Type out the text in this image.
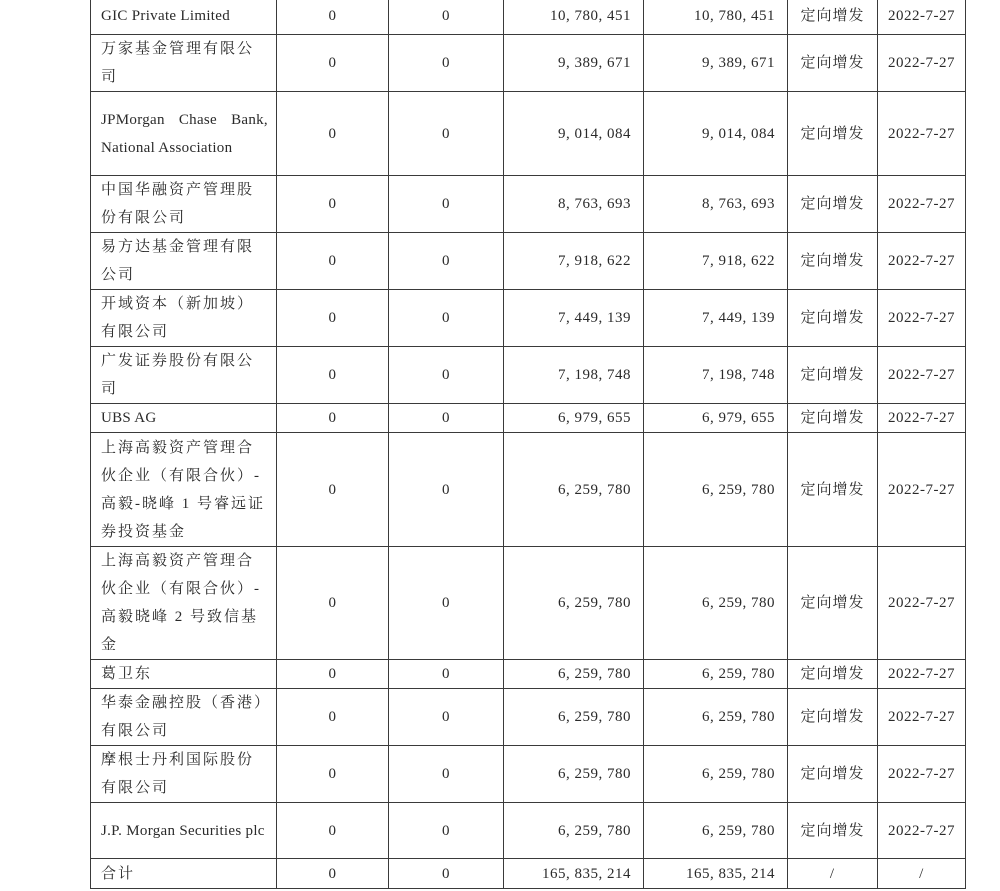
GIC Private Limited	0	0	10, 780, 451	10, 780, 451	定向增发	2022-7-27
万家基金管理有限公司	0	0	9, 389, 671	9, 389, 671	定向增发	2022-7-27
JPMorgan Chase Bank, National Association	0	0	9, 014, 084	9, 014, 084	定向增发	2022-7-27
中国华融资产管理股份有限公司	0	0	8, 763, 693	8, 763, 693	定向增发	2022-7-27
易方达基金管理有限公司	0	0	7, 918, 622	7, 918, 622	定向增发	2022-7-27
开域资本（新加坡）有限公司	0	0	7, 449, 139	7, 449, 139	定向增发	2022-7-27
广发证券股份有限公司	0	0	7, 198, 748	7, 198, 748	定向增发	2022-7-27
UBS AG	0	0	6, 979, 655	6, 979, 655	定向增发	2022-7-27
上海高毅资产管理合伙企业（有限合伙）-高毅-晓峰 1 号睿远证券投资基金	0	0	6, 259, 780	6, 259, 780	定向增发	2022-7-27
上海高毅资产管理合伙企业（有限合伙）-高毅晓峰 2 号致信基金	0	0	6, 259, 780	6, 259, 780	定向增发	2022-7-27
葛卫东	0	0	6, 259, 780	6, 259, 780	定向增发	2022-7-27
华泰金融控股（香港）有限公司	0	0	6, 259, 780	6, 259, 780	定向增发	2022-7-27
摩根士丹利国际股份有限公司	0	0	6, 259, 780	6, 259, 780	定向增发	2022-7-27
J.P. Morgan Securities plc	0	0	6, 259, 780	6, 259, 780	定向增发	2022-7-27
合计	0	0	165, 835, 214	165, 835, 214	/	/
